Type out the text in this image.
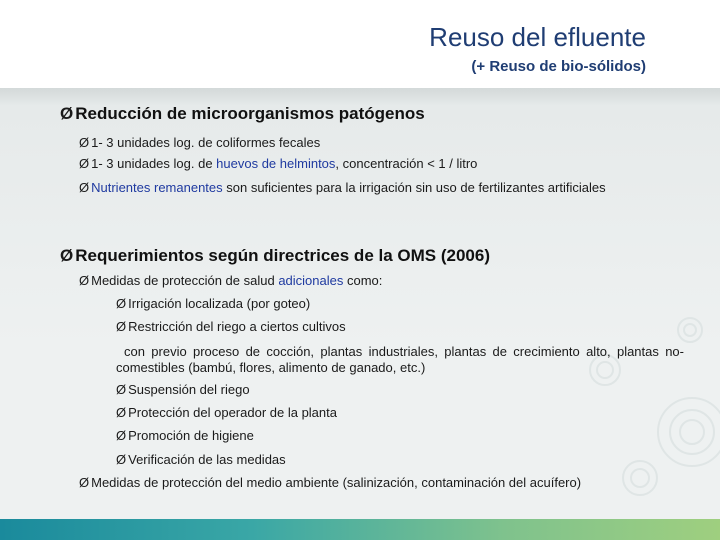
Reuso del efluente
(+ Reuso de bio-sólidos)
Ø Reducción de microorganismos patógenos
Ø 1- 3 unidades log. de coliformes fecales
Ø 1- 3 unidades log. de huevos de helmintos, concentración < 1 / litro
Ø Nutrientes remanentes son suficientes para la irrigación sin uso de fertilizantes artificiales
Ø Requerimientos según directrices de la OMS (2006)
Ø Medidas de protección de salud adicionales como:
Ø Irrigación localizada (por goteo)
Ø Restricción del riego a ciertos cultivos
con previo proceso de cocción, plantas industriales, plantas de crecimiento alto, plantas no-comestibles (bambú, flores, alimento de ganado, etc.)
Ø Suspensión del riego
Ø Protección del operador de la planta
Ø Promoción de higiene
Ø Verificación de las medidas
Ø Medidas de protección del medio ambiente (salinización, contaminación del acuífero)
